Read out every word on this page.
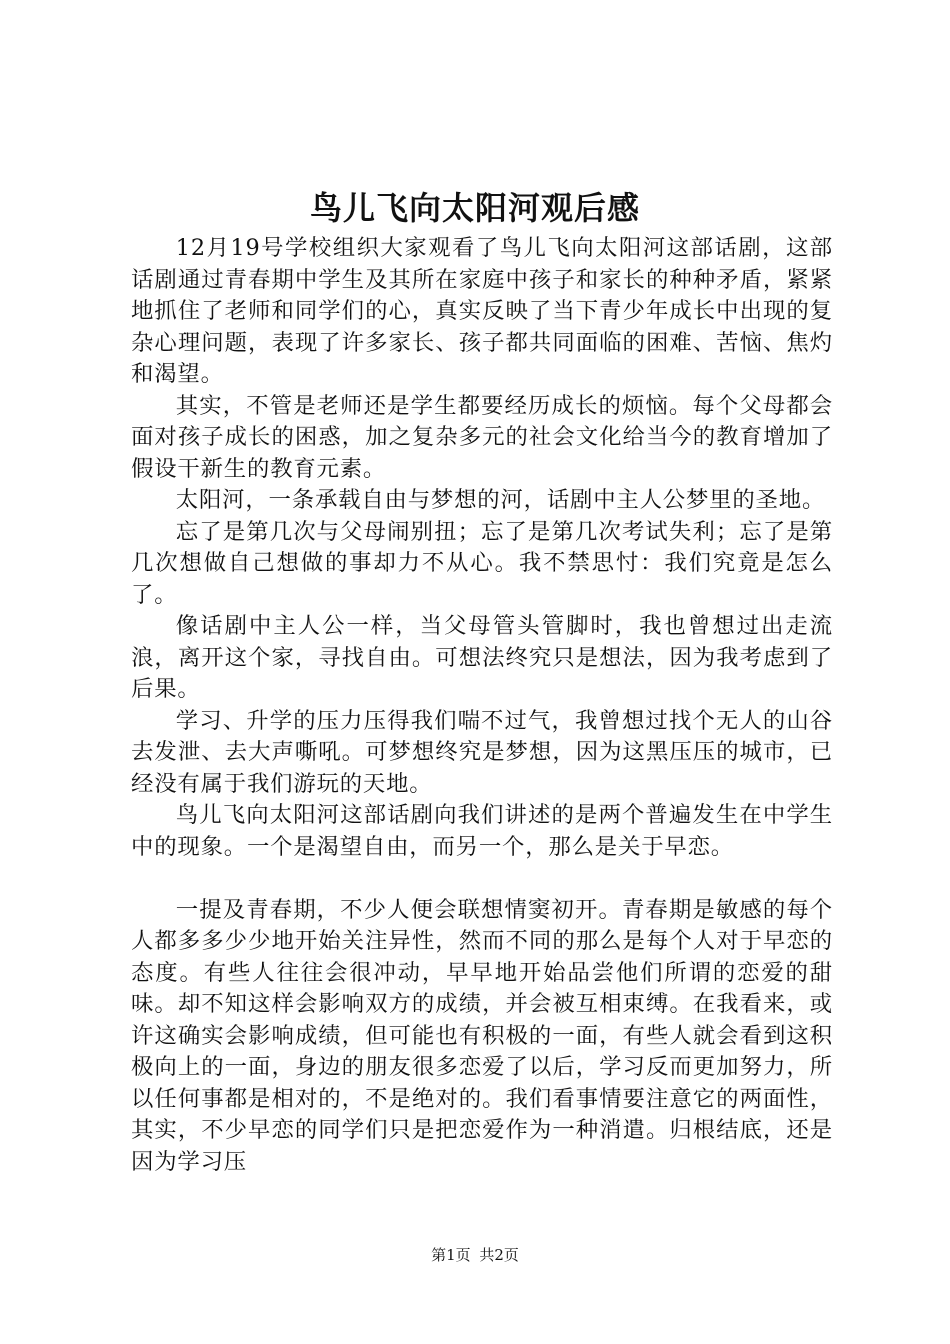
鸟儿飞向太阳河观后感

12月19号学校组织大家观看了鸟儿飞向太阳河这部话剧，这部话剧通过青春期中学生及其所在家庭中孩子和家长的种种矛盾，紧紧地抓住了老师和同学们的心，真实反映了当下青少年成长中出现的复杂心理问题，表现了许多家长、孩子都共同面临的困难、苦恼、焦灼和渴望。

其实，不管是老师还是学生都要经历成长的烦恼。每个父母都会面对孩子成长的困惑，加之复杂多元的社会文化给当今的教育增加了假设干新生的教育元素。

太阳河，一条承载自由与梦想的河，话剧中主人公梦里的圣地。

忘了是第几次与父母闹别扭；忘了是第几次考试失利；忘了是第几次想做自己想做的事却力不从心。我不禁思忖：我们究竟是怎么了。

像话剧中主人公一样，当父母管头管脚时，我也曾想过出走流浪，离开这个家，寻找自由。可想法终究只是想法，因为我考虑到了后果。

学习、升学的压力压得我们喘不过气，我曾想过找个无人的山谷去发泄、去大声嘶吼。可梦想终究是梦想，因为这黑压压的城市，已经没有属于我们游玩的天地。

鸟儿飞向太阳河这部话剧向我们讲述的是两个普遍发生在中学生中的现象。一个是渴望自由，而另一个，那么是关于早恋。

一提及青春期，不少人便会联想情窦初开。青春期是敏感的每个人都多多少少地开始关注异性，然而不同的那么是每个人对于早恋的态度。有些人往往会很冲动，早早地开始品尝他们所谓的恋爱的甜味。却不知这样会影响双方的成绩，并会被互相束缚。在我看来，或许这确实会影响成绩，但可能也有积极的一面，有些人就会看到这积极向上的一面，身边的朋友很多恋爱了以后，学习反而更加努力，所以任何事都是相对的，不是绝对的。我们看事情要注意它的两面性，其实，不少早恋的同学们只是把恋爱作为一种消遣。归根结底，还是因为学习压

第1页 共2页
